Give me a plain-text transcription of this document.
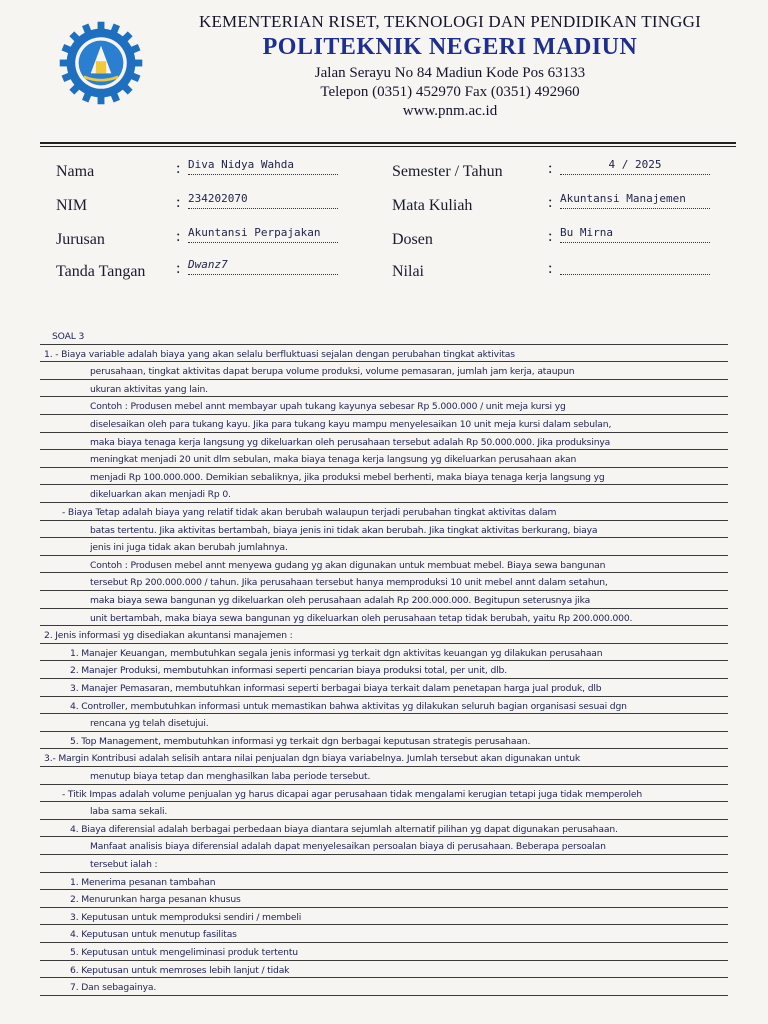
KEMENTERIAN RISET, TEKNOLOGI DAN PENDIDIKAN TINGGI
POLITEKNIK NEGERI MADIUN
Jalan Serayu No 84 Madiun Kode Pos 63133
Telepon (0351) 452970 Fax (0351) 492960
www.pnm.ac.id
Nama	: Diva Nidya Wahda
NIM	: 234202070
Jurusan	: Akuntansi Perpajakan
Tanda Tangan : Dwanz7
Semester / Tahun	:	4 / 2025
Mata Kuliah	: Akuntansi Manajemen
Dosen	: Bu Mirna
Nilai	:
SOAL 3
1. - Biaya variable adalah biaya yang akan selalu berfluktuasi sejalan dengan perubahan tingkat aktivitas
perusahaan, tingkat aktivitas dapat berupa volume produksi, volume pemasaran, jumlah jam kerja, ataupun
ukuran aktivitas yang lain.
Contoh : Produsen mebel annt membayar upah tukang kayunya sebesar Rp 5.000.000 / unit meja kursi yg
diselesaikan oleh para tukang kayu. Jika para tukang kayu mampu menyelesaikan 10 unit meja kursi dalam sebulan,
maka biaya tenaga kerja langsung yg dikeluarkan oleh perusahaan tersebut adalah Rp 50.000.000. Jika produksinya
meningkat menjadi 20 unit dlm sebulan, maka biaya tenaga kerja langsung yg dikeluarkan perusahaan akan
menjadi Rp 100.000.000. Demikian sebaliknya, jika produksi mebel berhenti, maka biaya tenaga kerja langsung yg
dikeluarkan akan menjadi Rp 0.
- Biaya Tetap adalah biaya yang relatif tidak akan berubah walaupun terjadi perubahan tingkat aktivitas dalam
batas tertentu. Jika aktivitas bertambah, biaya jenis ini tidak akan berubah. Jika tingkat aktivitas berkurang, biaya
jenis ini juga tidak akan berubah jumlahnya.
Contoh : Produsen mebel annt menyewa gudang yg akan digunakan untuk membuat mebel. Biaya sewa bangunan
tersebut Rp 200.000.000 / tahun. Jika perusahaan tersebut hanya memproduksi 10 unit mebel annt dalam setahun,
maka biaya sewa bangunan yg dikeluarkan oleh perusahaan adalah Rp 200.000.000. Begitupun seterusnya jika
unit bertambah, maka biaya sewa bangunan yg dikeluarkan oleh perusahaan tetap tidak berubah, yaitu Rp 200.000.000.
2. Jenis informasi yg disediakan akuntansi manajemen :
1. Manajer Keuangan, membutuhkan segala jenis informasi yg terkait dgn aktivitas keuangan yg dilakukan perusahaan
2. Manajer Produksi, membutuhkan informasi seperti pencarian biaya produksi total, per unit, dlb.
3. Manajer Pemasaran, membutuhkan informasi seperti berbagai biaya terkait dalam penetapan harga jual produk, dlb
4. Controller, membutuhkan informasi untuk memastikan bahwa aktivitas yg dilakukan seluruh bagian organisasi sesuai dgn
rencana yg telah disetujui.
5. Top Management, membutuhkan informasi yg terkait dgn berbagai keputusan strategis perusahaan.
3.- Margin Kontribusi adalah selisih antara nilai penjualan dgn biaya variabelnya. Jumlah tersebut akan digunakan untuk
menutup biaya tetap dan menghasilkan laba periode tersebut.
- Titik Impas adalah volume penjualan yg harus dicapai agar perusahaan tidak mengalami kerugian tetapi juga tidak memperoleh
laba sama sekali.
4. Biaya diferensial adalah berbagai perbedaan biaya diantara sejumlah alternatif pilihan yg dapat digunakan perusahaan.
Manfaat analisis biaya diferensial adalah dapat menyelesaikan persoalan biaya di perusahaan. Beberapa persoalan
tersebut ialah :
1. Menerima pesanan tambahan
2. Menurunkan harga pesanan khusus
3. Keputusan untuk memproduksi sendiri / membeli
4. Keputusan untuk menutup fasilitas
5. Keputusan untuk mengeliminasi produk tertentu
6. Keputusan untuk memroses lebih lanjut / tidak
7. Dan sebagainya.
